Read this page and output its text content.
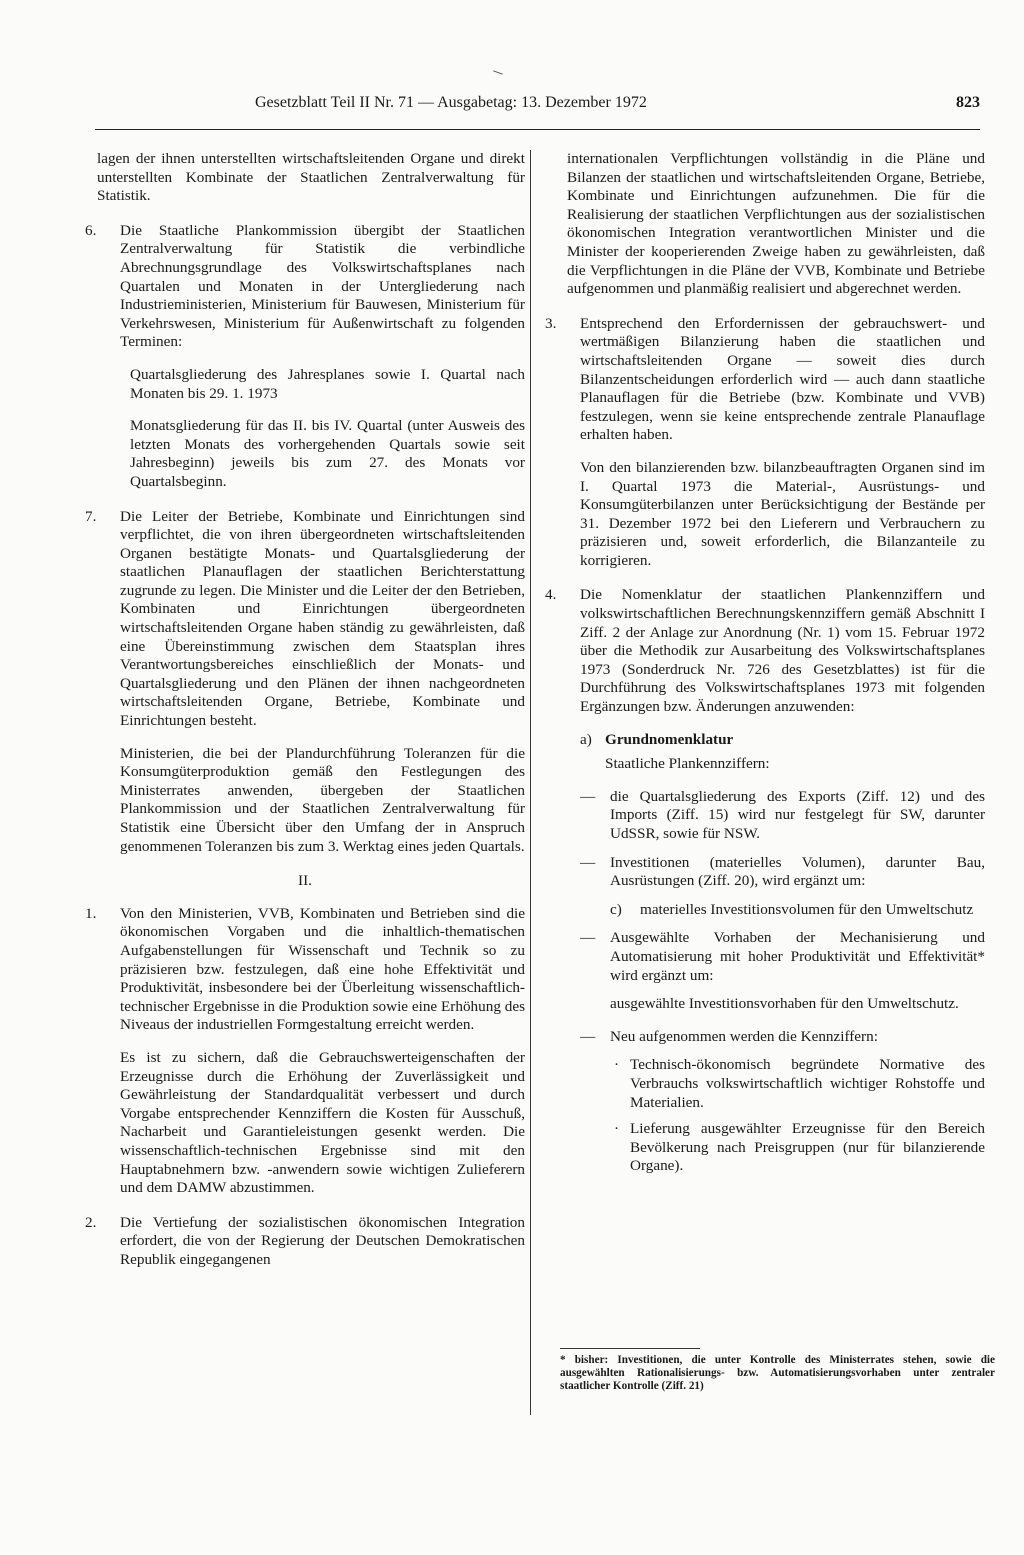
Gesetzblatt Teil II Nr. 71 — Ausgabetag: 13. Dezember 1972	823

lagen der ihnen unterstellten wirtschaftsleitenden Organe und direkt unterstellten Kombinate der Staatlichen Zentralverwaltung für Statistik.

6. Die Staatliche Plankommission übergibt der Staatlichen Zentralverwaltung für Statistik die verbindliche Abrechnungsgrundlage des Volkswirtschaftsplanes nach Quartalen und Monaten in der Untergliederung nach Industrieministerien, Ministerium für Bauwesen, Ministerium für Verkehrswesen, Ministerium für Außenwirtschaft zu folgenden Terminen:

Quartalsgliederung des Jahresplanes sowie I. Quartal nach Monaten bis 29. 1. 1973

Monatsgliederung für das II. bis IV. Quartal (unter Ausweis des letzten Monats des vorhergehenden Quartals sowie seit Jahresbeginn) jeweils bis zum 27. des Monats vor Quartalsbeginn.

7. Die Leiter der Betriebe, Kombinate und Einrichtungen sind verpflichtet, die von ihren übergeordneten wirtschaftsleitenden Organen bestätigte Monats- und Quartalsgliederung der staatlichen Planauflagen der staatlichen Berichterstattung zugrunde zu legen. Die Minister und die Leiter der den Betrieben, Kombinaten und Einrichtungen übergeordneten wirtschaftsleitenden Organe haben ständig zu gewährleisten, daß eine Übereinstimmung zwischen dem Staatsplan ihres Verantwortungsbereiches einschließlich der Monats- und Quartalsgliederung und den Plänen der ihnen nachgeordneten wirtschaftsleitenden Organe, Betriebe, Kombinate und Einrichtungen besteht.

Ministerien, die bei der Plandurchführung Toleranzen für die Konsumgüterproduktion gemäß den Festlegungen des Ministerrates anwenden, übergeben der Staatlichen Plankommission und der Staatlichen Zentralverwaltung für Statistik eine Übersicht über den Umfang der in Anspruch genommenen Toleranzen bis zum 3. Werktag eines jeden Quartals.

II.
1. Von den Ministerien, VVB, Kombinaten und Betrieben sind die ökonomischen Vorgaben und die inhaltlich-thematischen Aufgabenstellungen für Wissenschaft und Technik so zu präzisieren bzw. festzulegen, daß eine hohe Effektivität und Produktivität, insbesondere bei der Überleitung wissenschaftlich-technischer Ergebnisse in die Produktion sowie eine Erhöhung des Niveaus der industriellen Formgestaltung erreicht werden.

Es ist zu sichern, daß die Gebrauchswerteigenschaften der Erzeugnisse durch die Erhöhung der Zuverlässigkeit und Gewährleistung der Standardqualität verbessert und durch Vorgabe entsprechender Kennziffern die Kosten für Ausschuß, Nacharbeit und Garantieleistungen gesenkt werden. Die wissenschaftlich-technischen Ergebnisse sind mit den Hauptabnehmern bzw. -anwendern sowie wichtigen Zulieferern und dem DAMW abzustimmen.

2. Die Vertiefung der sozialistischen ökonomischen Integration erfordert, die von der Regierung der Deutschen Demokratischen Republik eingegangenen

internationalen Verpflichtungen vollständig in die Pläne und Bilanzen der staatlichen und wirtschaftsleitenden Organe, Betriebe, Kombinate und Einrichtungen aufzunehmen. Die für die Realisierung der staatlichen Verpflichtungen aus der sozialistischen ökonomischen Integration verantwortlichen Minister und die Minister der kooperierenden Zweige haben zu gewährleisten, daß die Verpflichtungen in die Pläne der VVB, Kombinate und Betriebe aufgenommen und planmäßig realisiert und abgerechnet werden.

3. Entsprechend den Erfordernissen der gebrauchswert- und wertmäßigen Bilanzierung haben die staatlichen und wirtschaftsleitenden Organe — soweit dies durch Bilanzentscheidungen erforderlich wird — auch dann staatliche Planauflagen für die Betriebe (bzw. Kombinate und VVB) festzulegen, wenn sie keine entsprechende zentrale Planauflage erhalten haben.

Von den bilanzierenden bzw. bilanzbeauftragten Organen sind im I. Quartal 1973 die Material-, Ausrüstungs- und Konsumgüterbilanzen unter Berücksichtigung der Bestände per 31. Dezember 1972 bei den Lieferern und Verbrauchern zu präzisieren und, soweit erforderlich, die Bilanzanteile zu korrigieren.

4. Die Nomenklatur der staatlichen Plankennziffern und volkswirtschaftlichen Berechnungskennziffern gemäß Abschnitt I Ziff. 2 der Anlage zur Anordnung (Nr. 1) vom 15. Februar 1972 über die Methodik zur Ausarbeitung des Volkswirtschaftsplanes 1973 (Sonderdruck Nr. 726 des Gesetzblattes) ist für die Durchführung des Volkswirtschaftsplanes 1973 mit folgenden Ergänzungen bzw. Änderungen anzuwenden:

a) Grundnomenklatur

Staatliche Plankennziffern:

— die Quartalsgliederung des Exports (Ziff. 12) und des Imports (Ziff. 15) wird nur festgelegt für SW, darunter UdSSR, sowie für NSW.
— Investitionen (materielles Volumen), darunter Bau, Ausrüstungen (Ziff. 20), wird ergänzt um:
c) materielles Investitionsvolumen für den Umweltschutz
— Ausgewählte Vorhaben der Mechanisierung und Automatisierung mit hoher Produktivität und Effektivität* wird ergänzt um:

ausgewählte Investitionsvorhaben für den Umweltschutz.

— Neu aufgenommen werden die Kennziffern:
· Technisch-ökonomisch begründete Normative des Verbrauchs volkswirtschaftlich wichtiger Rohstoffe und Materialien.
· Lieferung ausgewählter Erzeugnisse für den Bereich Bevölkerung nach Preisgruppen (nur für bilanzierende Organe).
* bisher: Investitionen, die unter Kontrolle des Ministerrates stehen, sowie die ausgewählten Rationalisierungs- bzw. Automatisierungsvorhaben unter zentraler staatlicher Kontrolle (Ziff. 21)
